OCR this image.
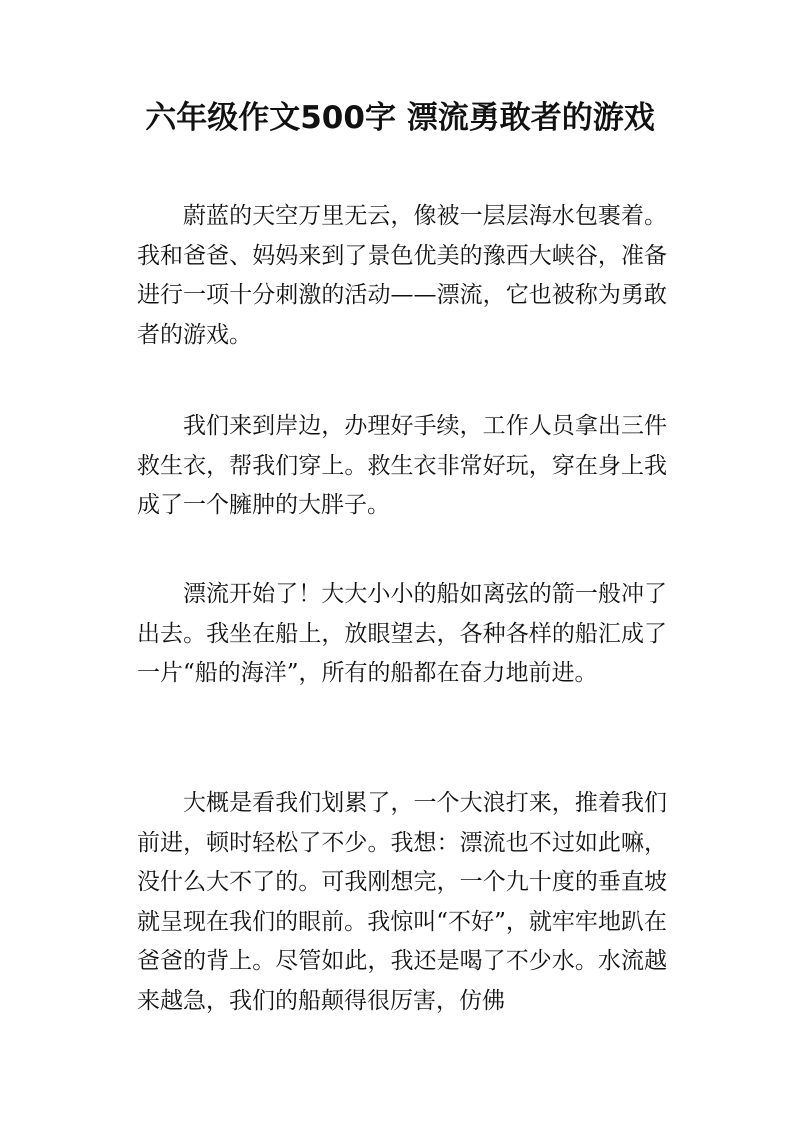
六年级作文500字 漂流勇敢者的游戏

蔚蓝的天空万里无云，像被一层层海水包裹着。我和爸爸、妈妈来到了景色优美的豫西大峡谷，准备进行一项十分刺激的活动——漂流，它也被称为勇敢者的游戏。

我们来到岸边，办理好手续，工作人员拿出三件救生衣，帮我们穿上。救生衣非常好玩，穿在身上我成了一个臃肿的大胖子。

漂流开始了！大大小小的船如离弦的箭一般冲了出去。我坐在船上，放眼望去，各种各样的船汇成了一片“船的海洋”，所有的船都在奋力地前进。

大概是看我们划累了，一个大浪打来，推着我们前进，顿时轻松了不少。我想：漂流也不过如此嘛，没什么大不了的。可我刚想完，一个九十度的垂直坡就呈现在我们的眼前。我惊叫“不好”，就牢牢地趴在爸爸的背上。尽管如此，我还是喝了不少水。水流越来越急，我们的船颠得很厉害，仿佛
